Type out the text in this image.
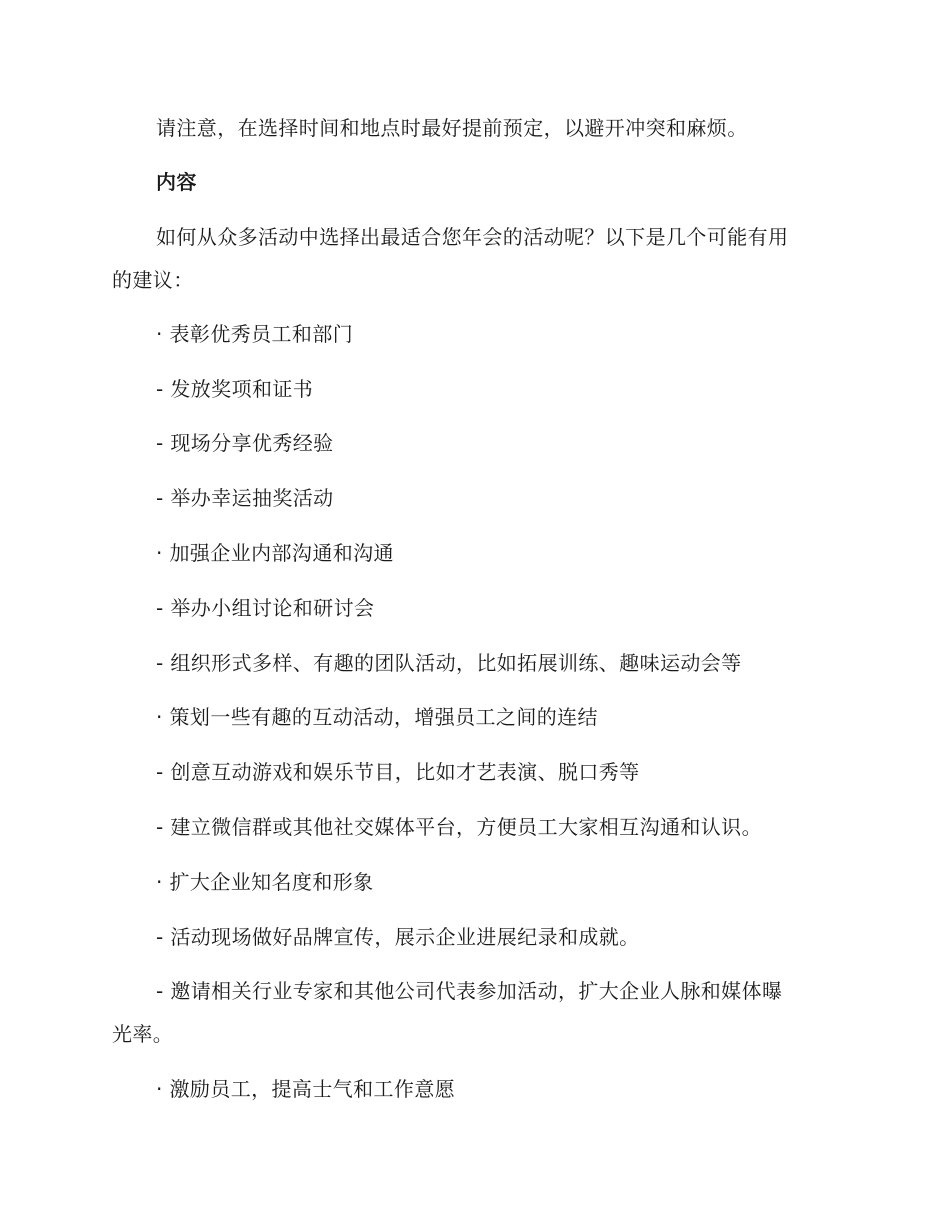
请注意，在选择时间和地点时最好提前预定，以避开冲突和麻烦。
内容
如何从众多活动中选择出最适合您年会的活动呢？以下是几个可能有用
的建议：
· 表彰优秀员工和部门
- 发放奖项和证书
- 现场分享优秀经验
- 举办幸运抽奖活动
· 加强企业内部沟通和沟通
- 举办小组讨论和研讨会
- 组织形式多样、有趣的团队活动，比如拓展训练、趣味运动会等
· 策划一些有趣的互动活动，增强员工之间的连结
- 创意互动游戏和娱乐节目，比如才艺表演、脱口秀等
- 建立微信群或其他社交媒体平台，方便员工大家相互沟通和认识。
· 扩大企业知名度和形象
- 活动现场做好品牌宣传，展示企业进展纪录和成就。
- 邀请相关行业专家和其他公司代表参加活动，扩大企业人脉和媒体曝
光率。
· 激励员工，提高士气和工作意愿
